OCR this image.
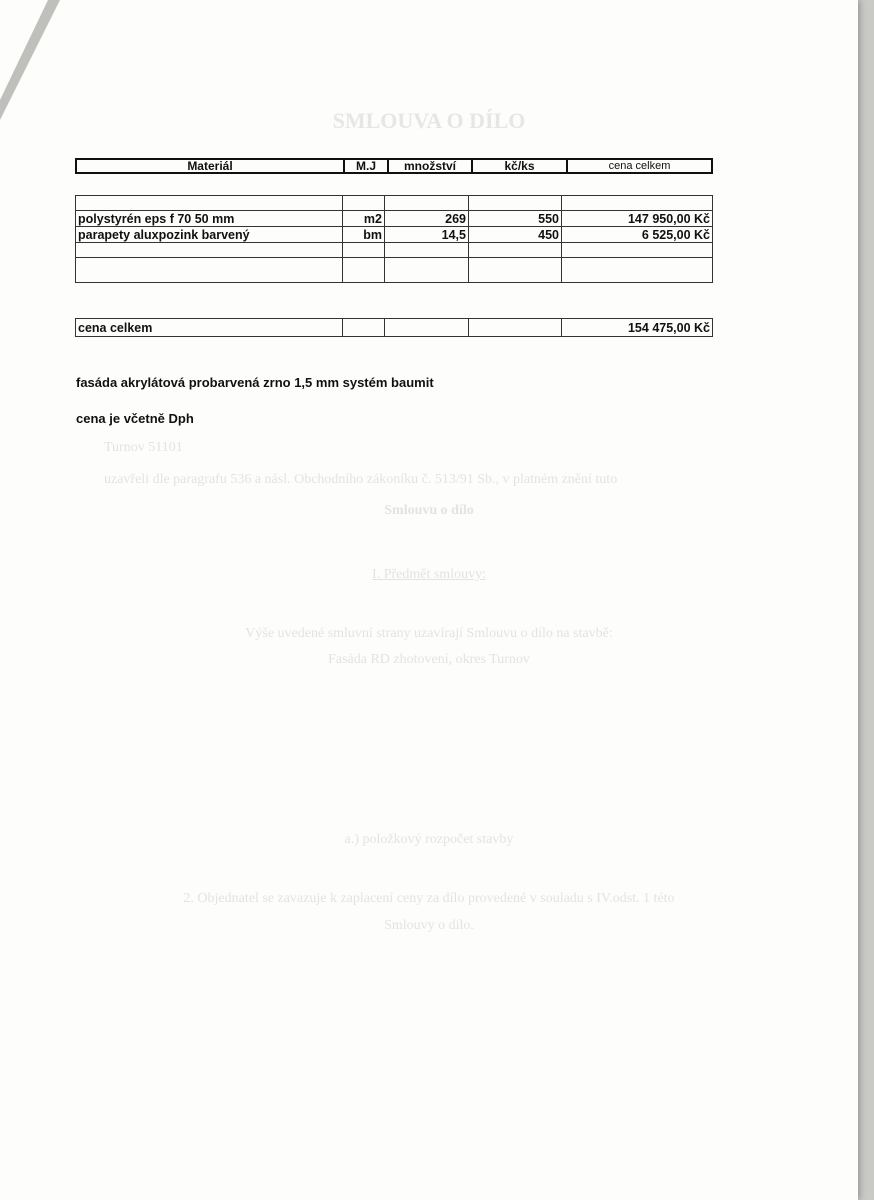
SMLOUVA O DÍLO
Turnov 51101
uzavřeli dle paragrafu 536 a násl. Obchodního zákoníku č. 513/91 Sb., v platném znění tuto
Smlouvu o dílo
I. Předmět smlouvy:
Výše uvedené smluvní strany uzavírají Smlouvu o dílo na stavbě:
Fasáda RD zhotovení, okres Turnov
a.) položkový rozpočet stavby
2. Objednatel se zavazuje k zaplacení ceny za dílo provedené v souladu s IV.odst. 1 této
Smlouvy o dílo.
Materiál	M.J	množství	kč/ks	cena celkem

polystyrén eps f 70 50 mm	m2	269	550	147 950,00 Kč
parapety aluxpozink barvený	bm	14,5	450	6 525,00 Kč

cena celkem				154 475,00 Kč
fasáda akrylátová probarvená zrno 1,5 mm systém baumit
cena je včetně Dph
